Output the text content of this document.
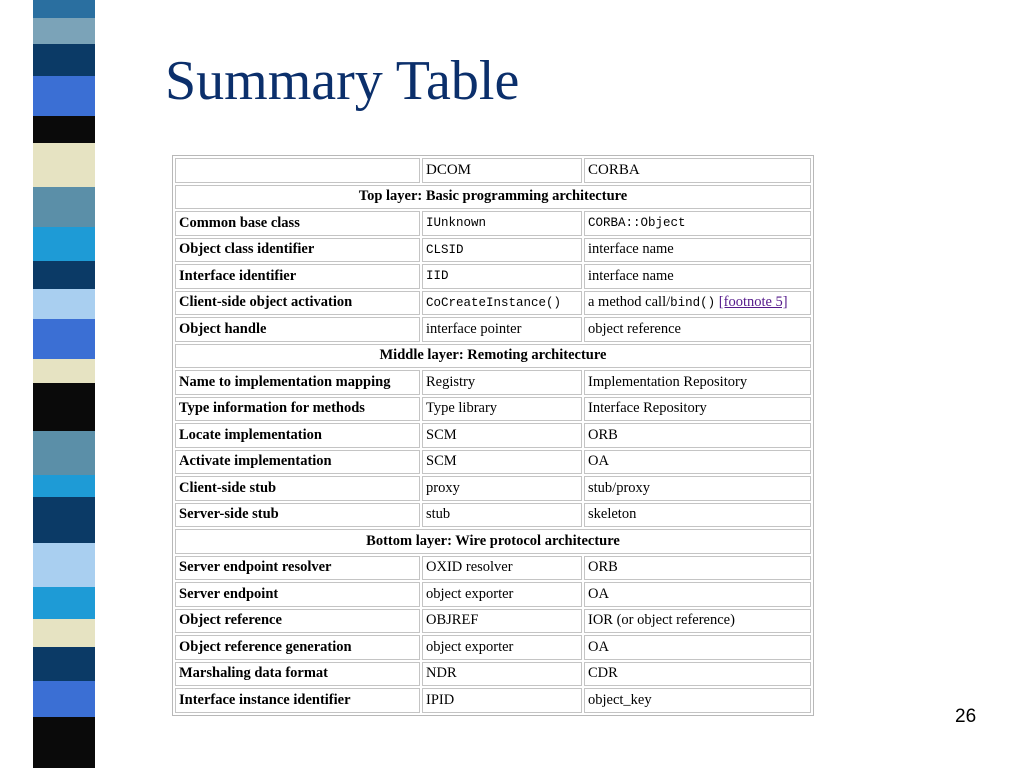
Summary Table
	DCOM	CORBA
Top layer: Basic programming architecture		
Common base class	IUnknown	CORBA::Object
Object class identifier	CLSID	interface name
Interface identifier	IID	interface name
Client-side object activation	CoCreateInstance()	a method call/bind() [footnote 5]
Object handle	interface pointer	object reference
Middle layer: Remoting architecture		
Name to implementation mapping	Registry	Implementation Repository
Type information for methods	Type library	Interface Repository
Locate implementation	SCM	ORB
Activate implementation	SCM	OA
Client-side stub	proxy	stub/proxy
Server-side stub	stub	skeleton
Bottom layer: Wire protocol architecture		
Server endpoint resolver	OXID resolver	ORB
Server endpoint	object exporter	OA
Object reference	OBJREF	IOR (or object reference)
Object reference generation	object exporter	OA
Marshaling data format	NDR	CDR
Interface instance identifier	IPID	object_key
26
